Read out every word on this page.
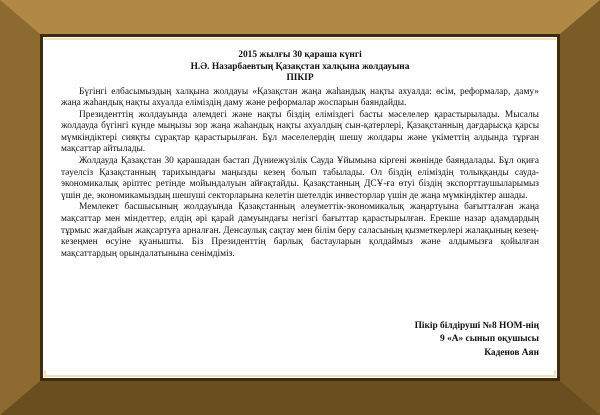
2015 жылғы 30 қараша күнгі
Н.Ә. Назарбаевтың Қазақстан халқына жолдауына
ПІКІР

Бүгінгі елбасымыздың халқына жолдауы «Қазақстан жаңа жаһандық нақты ахуалда: өсім, реформалар, даму» жаңа жаһандық нақты ахуалда еліміздің даму және реформалар жоспарын баяндайды.

Президенттің жолдауында әлемдегі және нақты біздің еліміздегі басты мәселелер қарастырылады. Мысалы жолдауда бүгінгі күнде мыңызы зор жаңа жаһандық нақты ахуалдың сын-қатерлері, Қазақстанның дағдарысқа қарсы мүмкіндіктері сияқты сұрақтар қарастырылған. Бұл мәселелердің шешу жолдары және үкіметтің алдында тұрған мақсаттар айтылады.

Жолдауда Қазақстан 30 қарашадан бастап Дүниежүзілік Сауда Ұйымына кіргені жөнінде баяндалады. Бұл оқиға тәуелсіз Қазақстанның тарихындағы маңызды кезең болып табылады. Ол біздің еліміздің толыққанды сауда-экономикалық әріптес ретінде мойындалуын айғақтайды. Қазақстанның ДСҰ-ға өтуі біздің экспорттаушыларымыз үшін де, экономикамыздың шешуші секторларына келетін шетелдік инвесторлар үшін де жаңа мүмкіндіктер ашады.

Мемлекет басшысының жолдауында Қазақстанның әлеуметтік-экономикалық жаңартуына бағытталған жаңа мақсаттар мен міндеттер, елдің әрі қарай дамуындағы негізгі бағыттар қарастырылған. Ерекше назар адамдардың тұрмыс жағдайын жақсартуға арналған. Денсаулық сақтау мен білім беру саласының қызметкерлері жалақының кезең-кезеңмен өсуіне қуанышты. Біз Президенттің барлық бастауларын қолдаймыз және алдымызға қойылған мақсаттардың орындалатынына сенімдіміз.

Пікір білдіруші №8 НОМ-нің
9 «А» сынып оқушысы
Каденов Аян
